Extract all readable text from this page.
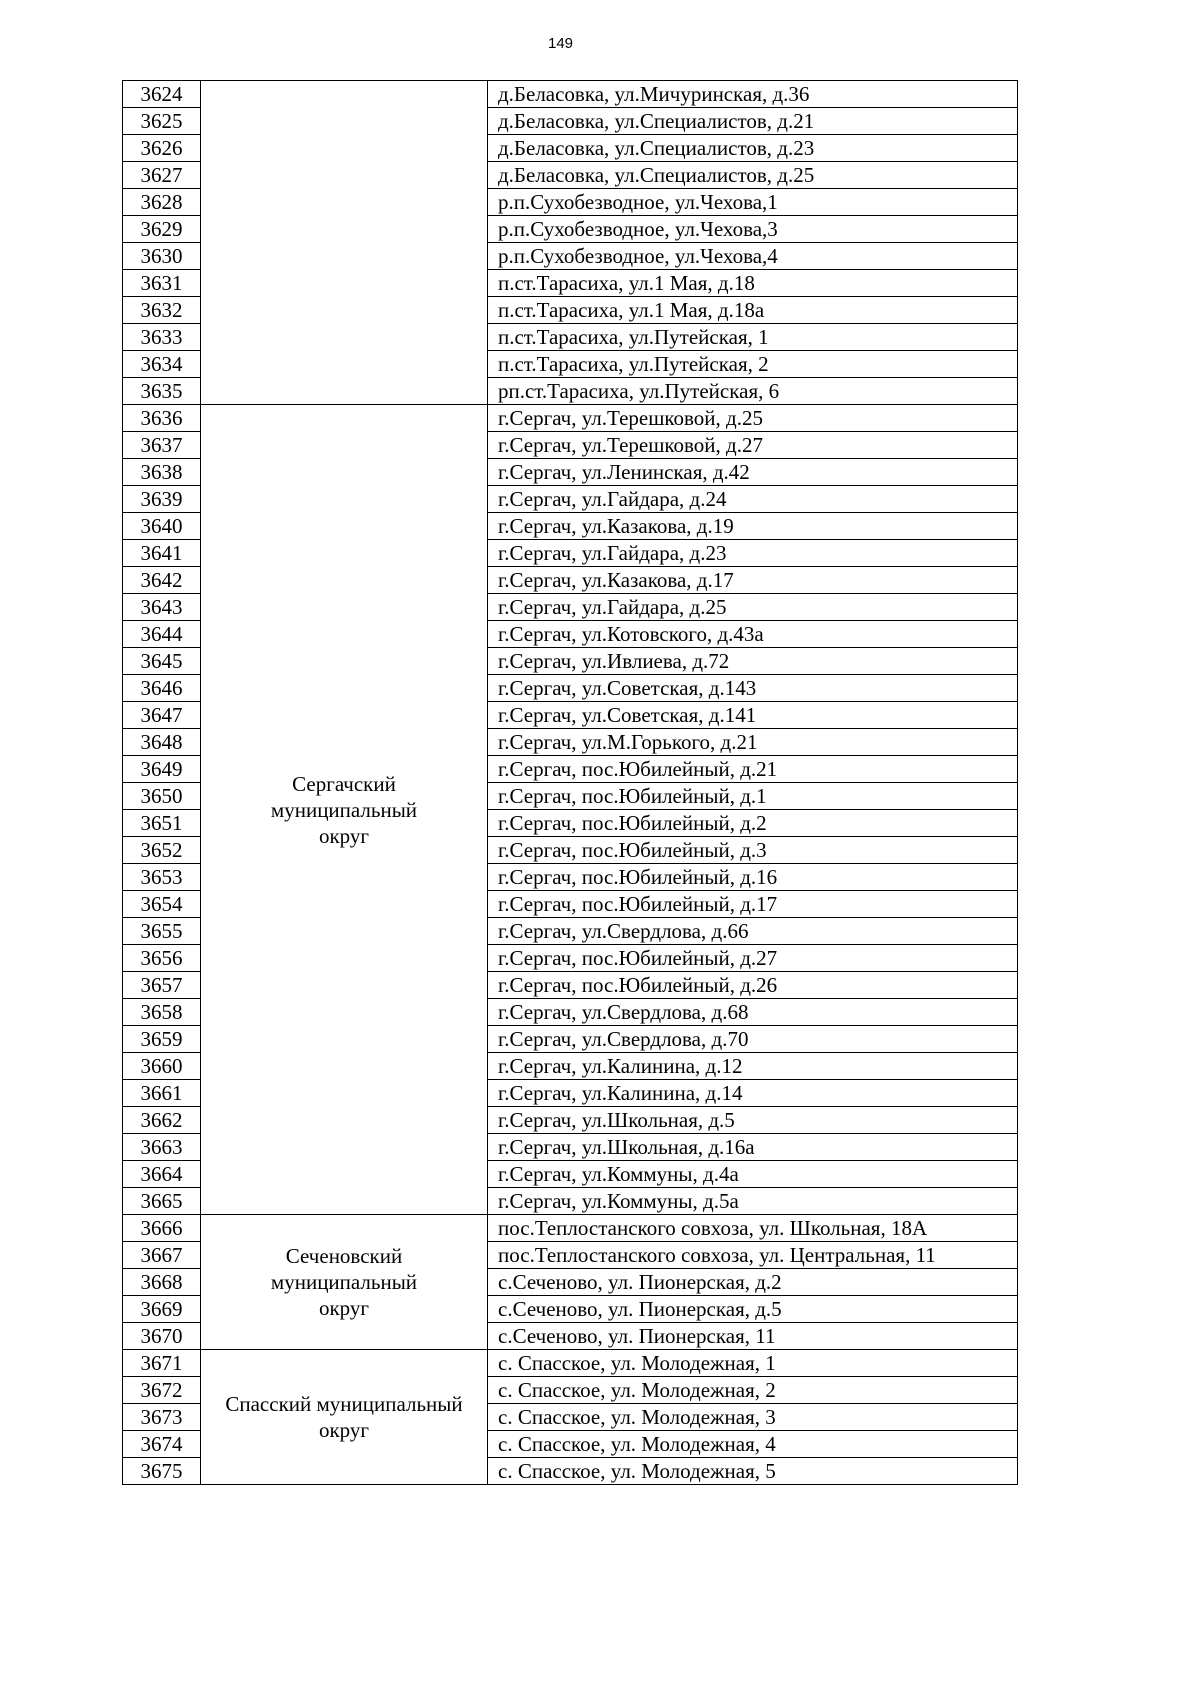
149
3624		д.Беласовка, ул.Мичуринская, д.36
3625		д.Беласовка, ул.Специалистов, д.21
3626		д.Беласовка, ул.Специалистов, д.23
3627		д.Беласовка, ул.Специалистов, д.25
3628		р.п.Сухобезводное, ул.Чехова,1
3629		р.п.Сухобезводное, ул.Чехова,3
3630		р.п.Сухобезводное, ул.Чехова,4
3631		п.ст.Тарасиха, ул.1 Мая, д.18
3632		п.ст.Тарасиха, ул.1 Мая, д.18а
3633		п.ст.Тарасиха, ул.Путейская, 1
3634		п.ст.Тарасиха, ул.Путейская, 2
3635		рп.ст.Тарасиха, ул.Путейская, 6
3636	Сергачский муниципальный округ	г.Сергач, ул.Терешковой, д.25
3637		г.Сергач, ул.Терешковой, д.27
3638		г.Сергач, ул.Ленинская, д.42
3639		г.Сергач, ул.Гайдара, д.24
3640		г.Сергач, ул.Казакова, д.19
3641		г.Сергач, ул.Гайдара, д.23
3642		г.Сергач, ул.Казакова, д.17
3643		г.Сергач, ул.Гайдара, д.25
3644		г.Сергач, ул.Котовского, д.43а
3645		г.Сергач, ул.Ивлиева, д.72
3646		г.Сергач, ул.Советская, д.143
3647		г.Сергач, ул.Советская, д.141
3648		г.Сергач, ул.М.Горького, д.21
3649		г.Сергач, пос.Юбилейный, д.21
3650		г.Сергач, пос.Юбилейный, д.1
3651		г.Сергач, пос.Юбилейный, д.2
3652		г.Сергач, пос.Юбилейный, д.3
3653		г.Сергач, пос.Юбилейный, д.16
3654		г.Сергач, пос.Юбилейный, д.17
3655		г.Сергач, ул.Свердлова, д.66
3656		г.Сергач, пос.Юбилейный, д.27
3657		г.Сергач, пос.Юбилейный, д.26
3658		г.Сергач, ул.Свердлова, д.68
3659		г.Сергач, ул.Свердлова, д.70
3660		г.Сергач, ул.Калинина, д.12
3661		г.Сергач, ул.Калинина, д.14
3662		г.Сергач, ул.Школьная, д.5
3663		г.Сергач, ул.Школьная, д.16а
3664		г.Сергач, ул.Коммуны, д.4а
3665		г.Сергач, ул.Коммуны, д.5а
3666	Сеченовский муниципальный округ	пос.Теплостанского совхоза, ул. Школьная, 18А
3667		пос.Теплостанского совхоза, ул. Центральная, 11
3668		с.Сеченово, ул. Пионерская, д.2
3669		с.Сеченово, ул. Пионерская, д.5
3670		с.Сеченово, ул. Пионерская, 11
3671	Спасский муниципальный округ	с. Спасское, ул. Молодежная, 1
3672		с. Спасское, ул. Молодежная, 2
3673		с. Спасское, ул. Молодежная, 3
3674		с. Спасское, ул. Молодежная, 4
3675		с. Спасское, ул. Молодежная, 5
